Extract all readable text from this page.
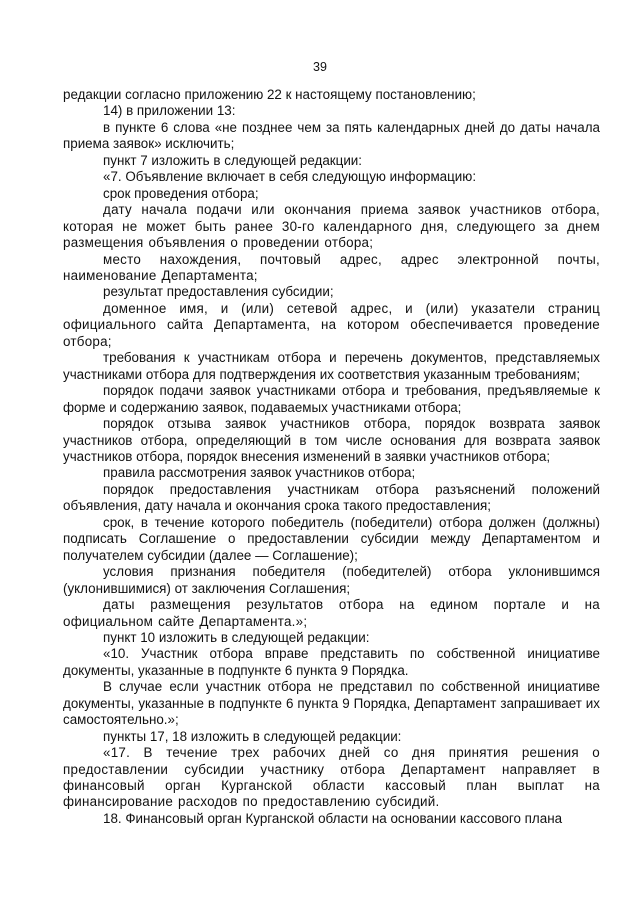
39

редакции согласно приложению 22 к настоящему постановлению;

14) в приложении 13:

в пункте 6 слова «не позднее чем за пять календарных дней до даты начала приема заявок» исключить;

пункт 7 изложить в следующей редакции:

«7. Объявление включает в себя следующую информацию:

срок проведения отбора;

дату начала подачи или окончания приема заявок участников отбора, которая не может быть ранее 30-го календарного дня, следующего за днем размещения объявления о проведении отбора;

место нахождения, почтовый адрес, адрес электронной почты, наименование Департамента;

результат предоставления субсидии;

доменное имя, и (или) сетевой адрес, и (или) указатели страниц официального сайта Департамента, на котором обеспечивается проведение отбора;

требования к участникам отбора и перечень документов, представляемых участниками отбора для подтверждения их соответствия указанным требованиям;

порядок подачи заявок участниками отбора и требования, предъявляемые к форме и содержанию заявок, подаваемых участниками отбора;

порядок отзыва заявок участников отбора, порядок возврата заявок участников отбора, определяющий в том числе основания для возврата заявок участников отбора, порядок внесения изменений в заявки участников отбора;

правила рассмотрения заявок участников отбора;

порядок предоставления участникам отбора разъяснений положений объявления, дату начала и окончания срока такого предоставления;

срок, в течение которого победитель (победители) отбора должен (должны) подписать Соглашение о предоставлении субсидии между Департаментом и получателем субсидии (далее — Соглашение);

условия признания победителя (победителей) отбора уклонившимся (уклонившимися) от заключения Соглашения;

даты размещения результатов отбора на едином портале и на официальном сайте Департамента.»;

пункт 10 изложить в следующей редакции:

«10. Участник отбора вправе представить по собственной инициативе документы, указанные в подпункте 6 пункта 9 Порядка.

В случае если участник отбора не представил по собственной инициативе документы, указанные в подпункте 6 пункта 9 Порядка, Департамент запрашивает их самостоятельно.»;

пункты 17, 18 изложить в следующей редакции:

«17. В течение трех рабочих дней со дня принятия решения о предоставлении субсидии участнику отбора Департамент направляет в финансовый орган Курганской области кассовый план выплат на финансирование расходов по предоставлению субсидий.

18. Финансовый орган Курганской области на основании кассового плана
